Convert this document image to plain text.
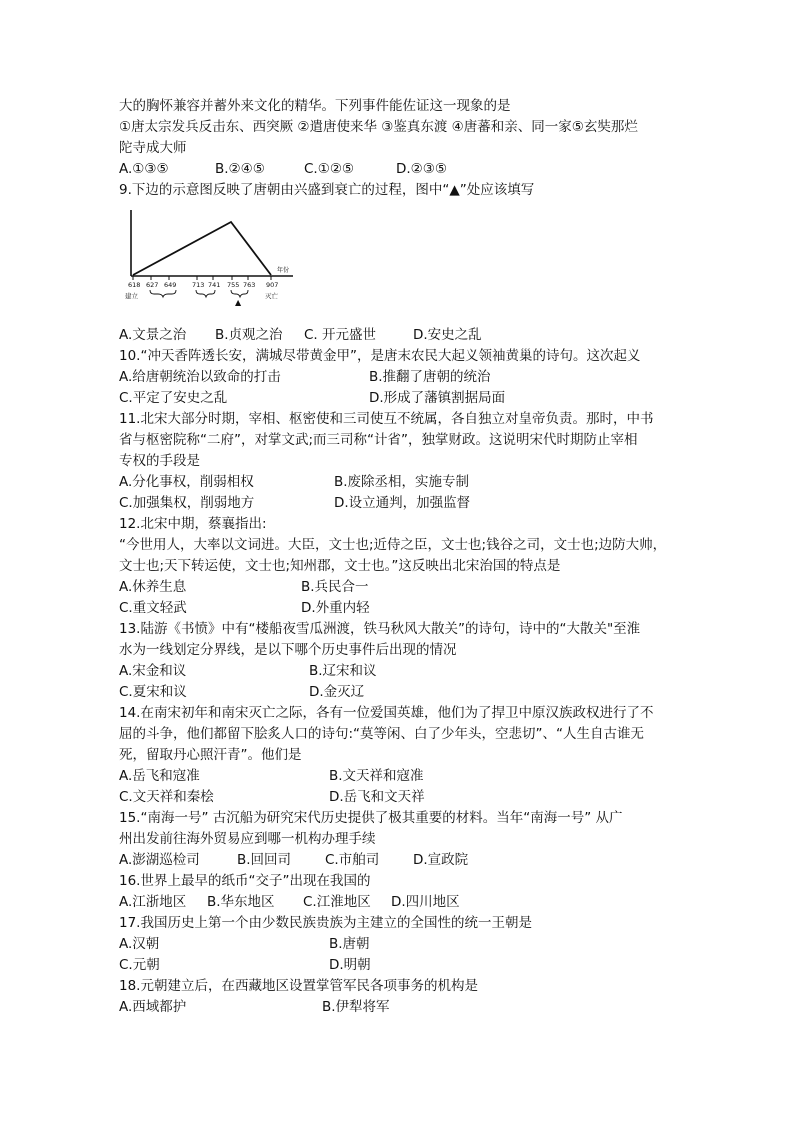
大的胸怀兼容并蓄外来文化的精华。下列事件能佐证这一现象的是
①唐太宗发兵反击东、西突厥 ②遣唐使来华 ③鉴真东渡 ④唐蕃和亲、同一家⑤玄奘那烂
陀寺成大师
A.①③⑤	B.②④⑤	C.①②⑤	D.②③⑤
9.下边的示意图反映了唐朝由兴盛到衰亡的过程，图中“▲”处应该填写
年份
618 627 649 713 741 755 763 907
▲
建立	灭亡
A.文景之治 B.贞观之治 C. 开元盛世	D.安史之乱
10.“冲天香阵透长安，满城尽带黄金甲”，是唐末农民大起义领袖黄巢的诗句。这次起义
A.给唐朝统治以致命的打击	B.推翻了唐朝的统治
C.平定了安史之乱	D.形成了藩镇割据局面
11.北宋大部分时期，宰相、枢密使和三司使互不统属，各自独立对皇帝负责。那时，中书
省与枢密院称“二府”，对掌文武;而三司称“计省”，独掌财政。这说明宋代时期防止宰相
专权的手段是
A.分化事权，削弱相权	B.废除丞相，实施专制
C.加强集权，削弱地方	D.设立通判，加强监督
12.北宋中期，蔡襄指出:
“今世用人，大率以文词进。大臣，文士也;近侍之臣，文士也;钱谷之司，文士也;边防大帅，
文士也;天下转运使，文士也;知州郡，文士也。”这反映出北宋治国的特点是
A.休养生息	B.兵民合一
C.重文轻武	D.外重内轻
13.陆游《书愤》中有“楼船夜雪瓜洲渡，铁马秋风大散关”的诗句，诗中的“大散关"至淮
水为一线划定分界线，是以下哪个历史事件后出现的情况
A.宋金和议	B.辽宋和议
C.夏宋和议	D.金灭辽
14.在南宋初年和南宋灭亡之际，各有一位爱国英雄，他们为了捍卫中原汉族政权进行了不
屈的斗争，他们都留下脍炙人口的诗句:“莫等闲、白了少年头，空悲切”、“人生自古谁无
死，留取丹心照汗青”。他们是
A.岳飞和寇准	B.文天祥和寇准
C.文天祥和秦桧	D.岳飞和文天祥
15.“南海一号” 古沉船为研究宋代历史提供了极其重要的材料。当年“南海一号” 从广
州出发前往海外贸易应到哪一机构办理手续
A.澎湖巡检司	B.回回司	C.市舶司	D.宣政院
16.世界上最早的纸币“交子”出现在我国的
A.江浙地区 B.华东地区 C.江淮地区 D.四川地区
17.我国历史上第一个由少数民族贵族为主建立的全国性的统一王朝是
A.汉朝	B.唐朝
C.元朝	D.明朝
18.元朝建立后，在西藏地区设置掌管军民各项事务的机构是
A.西域都护	B.伊犁将军
